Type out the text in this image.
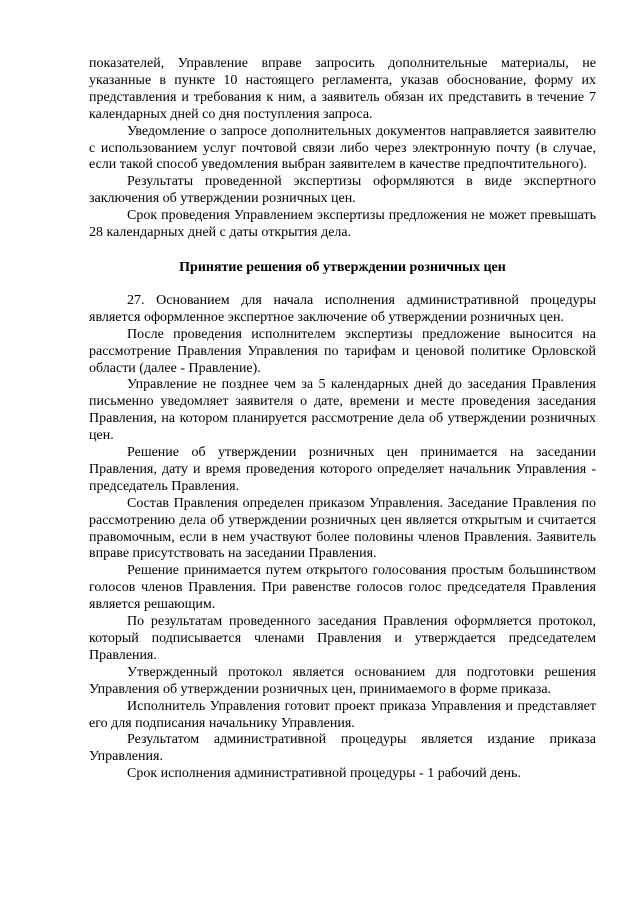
показателей, Управление вправе запросить дополнительные материалы, не указанные в пункте 10 настоящего регламента, указав обоснование, форму их представления и требования к ним, а заявитель обязан их представить в течение 7 календарных дней со дня поступления запроса.

Уведомление о запросе дополнительных документов направляется заявителю с использованием услуг почтовой связи либо через электронную почту (в случае, если такой способ уведомления выбран заявителем в качестве предпочтительного).

Результаты проведенной экспертизы оформляются в виде экспертного заключения об утверждении розничных цен.

Срок проведения Управлением экспертизы предложения не может превышать 28 календарных дней с даты открытия дела.

Принятие решения об утверждении розничных цен

27. Основанием для начала исполнения административной процедуры является оформленное экспертное заключение об утверждении розничных цен.

После проведения исполнителем экспертизы предложение выносится на рассмотрение Правления Управления по тарифам и ценовой политике Орловской области (далее - Правление).

Управление не позднее чем за 5 календарных дней до заседания Правления письменно уведомляет заявителя о дате, времени и месте проведения заседания Правления, на котором планируется рассмотрение дела об утверждении розничных цен.

Решение об утверждении розничных цен принимается на заседании Правления, дату и время проведения которого определяет начальник Управления - председатель Правления.

Состав Правления определен приказом Управления. Заседание Правления по рассмотрению дела об утверждении розничных цен является открытым и считается правомочным, если в нем участвуют более половины членов Правления. Заявитель вправе присутствовать на заседании Правления.

Решение принимается путем открытого голосования простым большинством голосов членов Правления. При равенстве голосов голос председателя Правления является решающим.

По результатам проведенного заседания Правления оформляется протокол, который подписывается членами Правления и утверждается председателем Правления.

Утвержденный протокол является основанием для подготовки решения Управления об утверждении розничных цен, принимаемого в форме приказа.

Исполнитель Управления готовит проект приказа Управления и представляет его для подписания начальнику Управления.

Результатом административной процедуры является издание приказа Управления.

Срок исполнения административной процедуры - 1 рабочий день.
